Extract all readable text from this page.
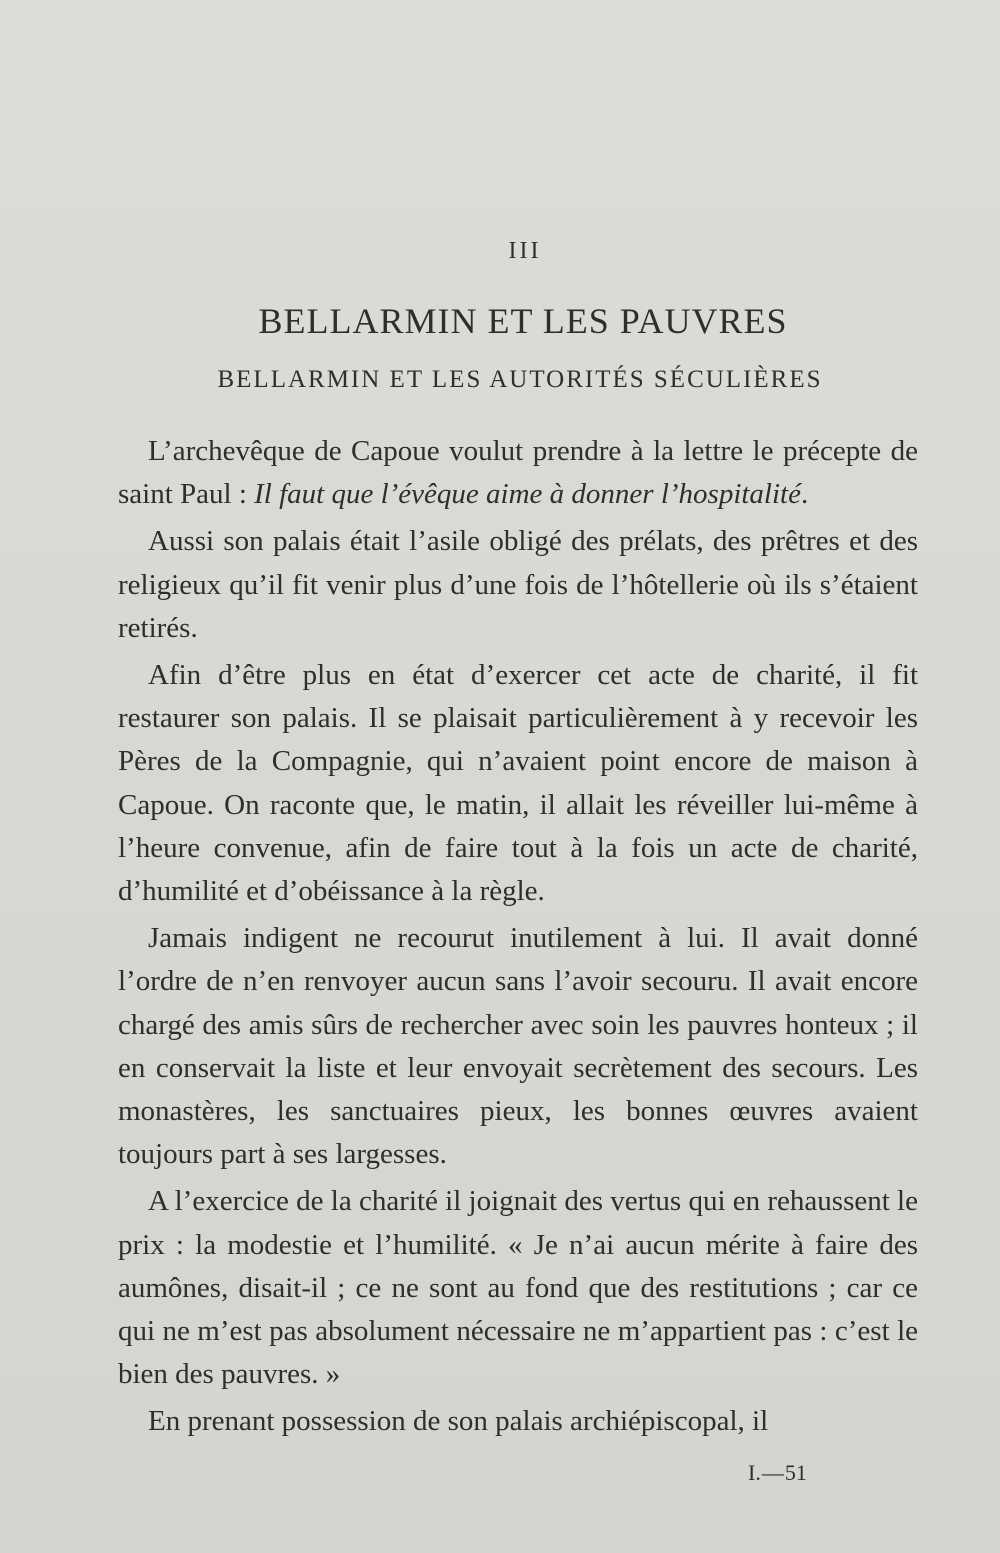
III
BELLARMIN ET LES PAUVRES
BELLARMIN ET LES AUTORITÉS SÉCULIÈRES

L’archevêque de Capoue voulut prendre à la lettre le précepte de saint Paul : Il faut que l’évêque aime à donner l’hospitalité.

Aussi son palais était l’asile obligé des prélats, des prêtres et des religieux qu’il fit venir plus d’une fois de l’hôtellerie où ils s’étaient retirés.

Afin d’être plus en état d’exercer cet acte de charité, il fit restaurer son palais. Il se plaisait particulièrement à y recevoir les Pères de la Compagnie, qui n’avaient point encore de maison à Capoue. On raconte que, le matin, il allait les réveiller lui-même à l’heure convenue, afin de faire tout à la fois un acte de charité, d’humilité et d’obéissance à la règle.

Jamais indigent ne recourut inutilement à lui. Il avait donné l’ordre de n’en renvoyer aucun sans l’avoir secouru. Il avait encore chargé des amis sûrs de rechercher avec soin les pauvres honteux ; il en conservait la liste et leur envoyait secrètement des secours. Les monastères, les sanctuaires pieux, les bonnes œuvres avaient toujours part à ses largesses.

A l’exercice de la charité il joignait des vertus qui en rehaussent le prix : la modestie et l’humilité. « Je n’ai aucun mérite à faire des aumônes, disait-il ; ce ne sont au fond que des restitutions ; car ce qui ne m’est pas absolument nécessaire ne m’appartient pas : c’est le bien des pauvres. »

En prenant possession de son palais archiépiscopal, il

I.—51
